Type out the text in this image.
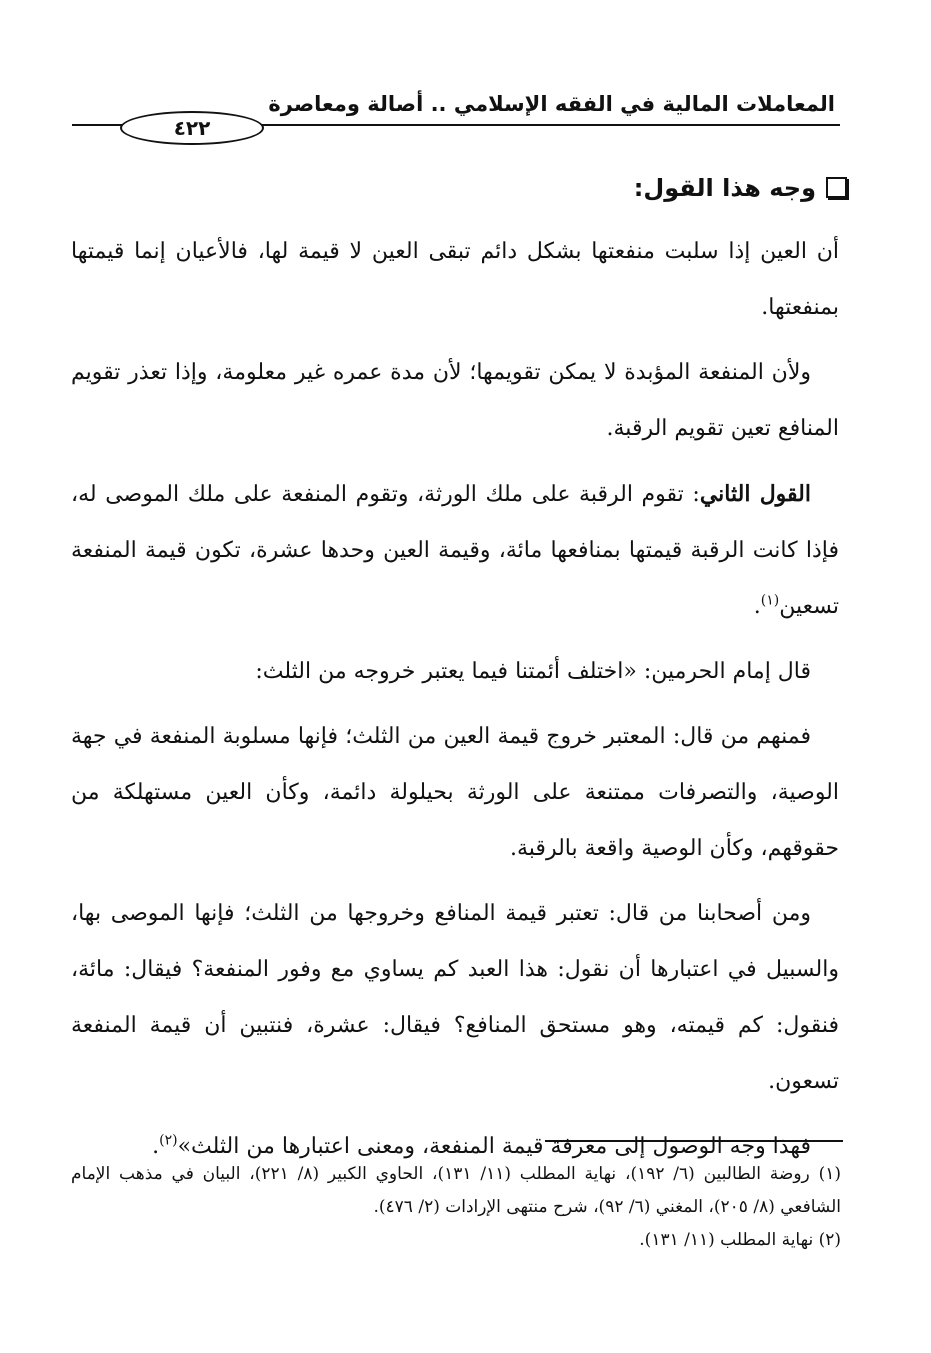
المعاملات المالية في الفقه الإسلامي .. أصالة ومعاصرة
٤٢٢
وجه هذا القول:

أن العين إذا سلبت منفعتها بشكل دائم تبقى العين لا قيمة لها، فالأعيان إنما قيمتها بمنفعتها.

ولأن المنفعة المؤبدة لا يمكن تقويمها؛ لأن مدة عمره غير معلومة، وإذا تعذر تقويم المنافع تعين تقويم الرقبة.

القول الثاني: تقوم الرقبة على ملك الورثة، وتقوم المنفعة على ملك الموصى له، فإذا كانت الرقبة قيمتها بمنافعها مائة، وقيمة العين وحدها عشرة، تكون قيمة المنفعة تسعين$^{(١)}$.

قال إمام الحرمين: «اختلف أئمتنا فيما يعتبر خروجه من الثلث:

فمنهم من قال: المعتبر خروج قيمة العين من الثلث؛ فإنها مسلوبة المنفعة في جهة الوصية، والتصرفات ممتنعة على الورثة بحيلولة دائمة، وكأن العين مستهلكة من حقوقهم، وكأن الوصية واقعة بالرقبة.

ومن أصحابنا من قال: تعتبر قيمة المنافع وخروجها من الثلث؛ فإنها الموصى بها، والسبيل في اعتبارها أن نقول: هذا العبد كم يساوي مع وفور المنفعة؟ فيقال: مائة، فنقول: كم قيمته، وهو مستحق المنافع؟ فيقال: عشرة، فنتبين أن قيمة المنفعة تسعون.

فهذا وجه الوصول إلى معرفة قيمة المنفعة، ومعنى اعتبارها من الثلث»$^{(٢)}$.

(١) روضة الطالبين (٦/ ١٩٢)، نهاية المطلب (١١/ ١٣١)، الحاوي الكبير (٨/ ٢٢١)، البيان في مذهب الإمام الشافعي (٨/ ٢٠٥)، المغني (٦/ ٩٢)، شرح منتهى الإرادات (٢/ ٤٧٦).

(٢) نهاية المطلب (١١/ ١٣١).
